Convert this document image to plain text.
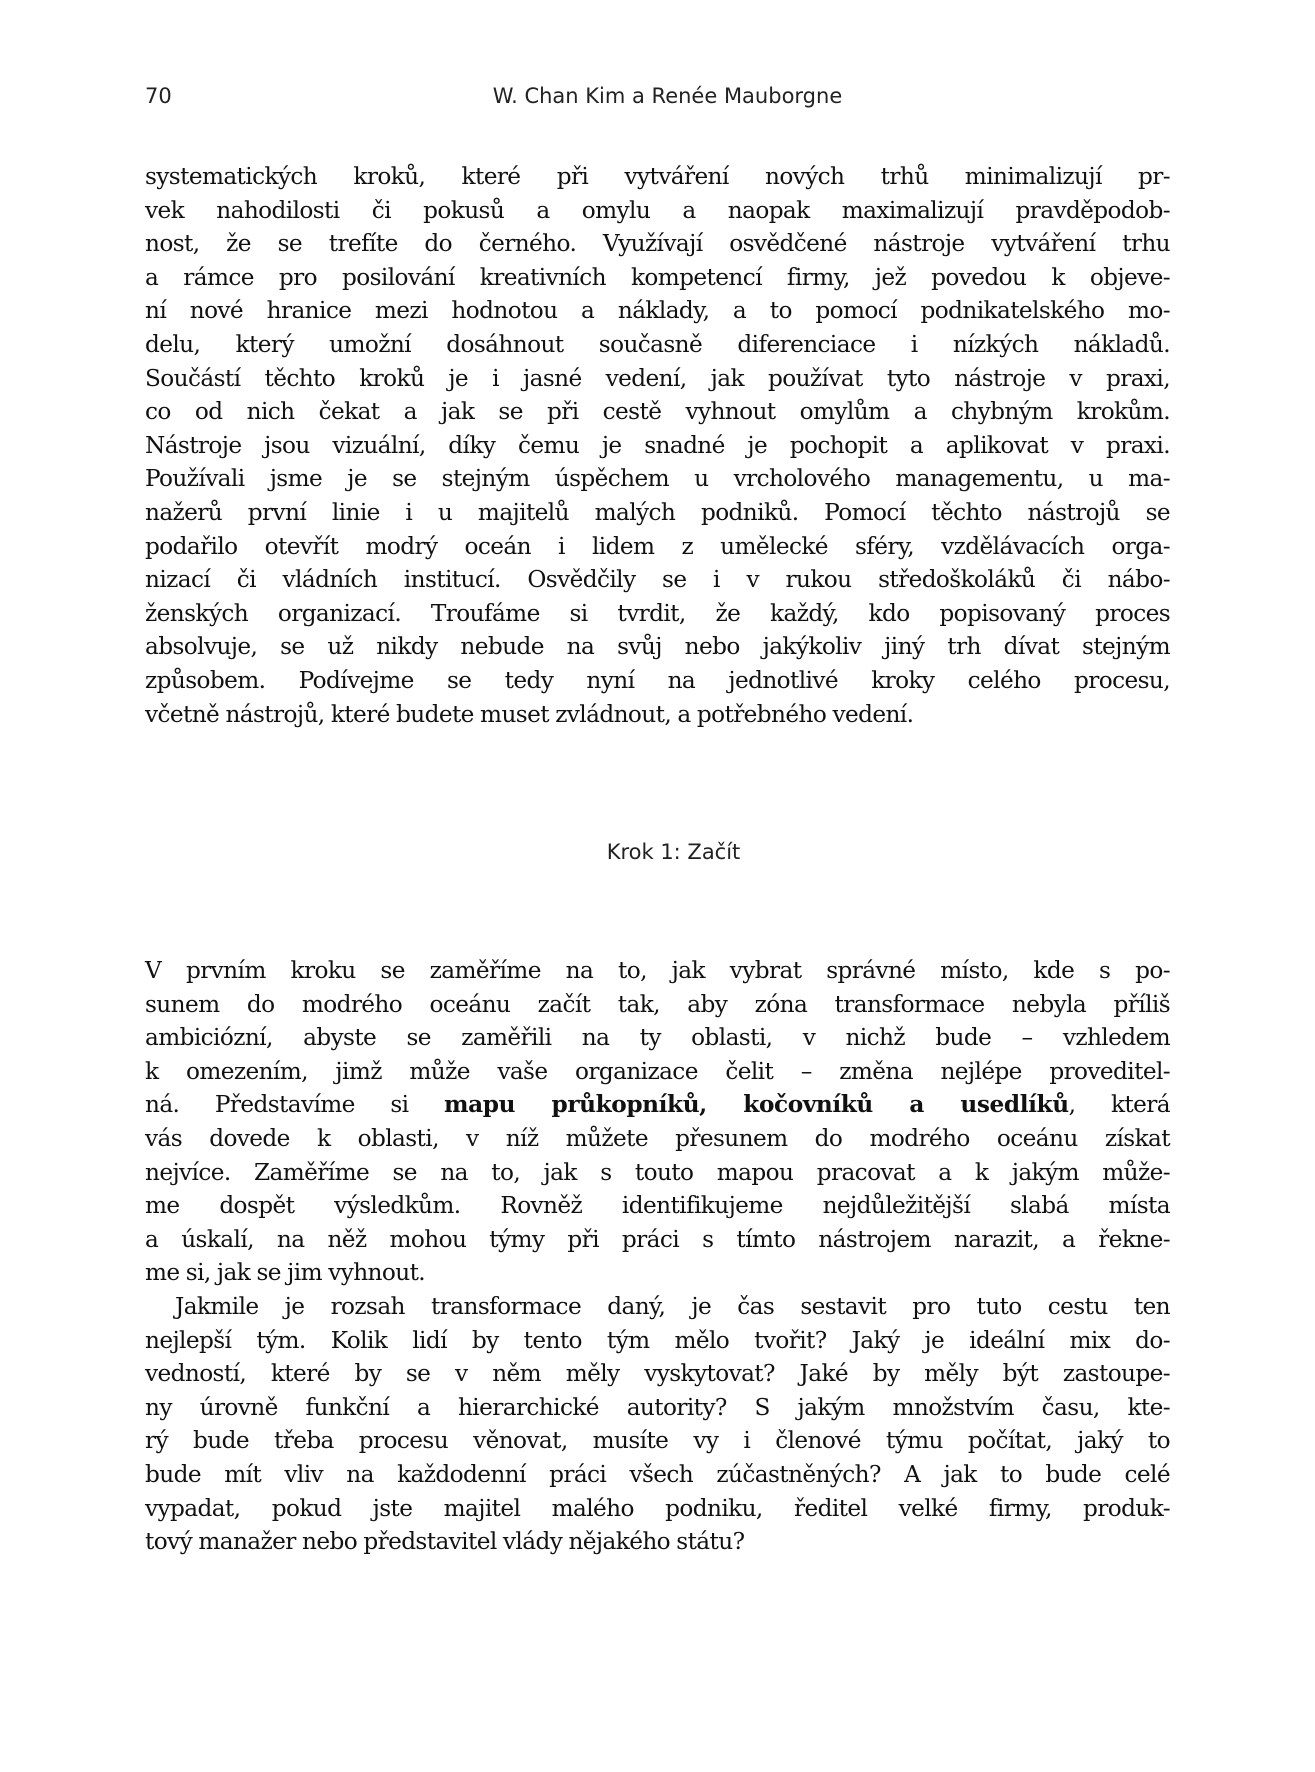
70	W. Chan Kim a Renée Mauborgne
systematických kroků, které při vytváření nových trhů minimalizují pr-
vek nahodilosti či pokusů a omylu a naopak maximalizují pravděpodob-
nost, že se trefíte do černého. Využívají osvědčené nástroje vytváření trhu
a rámce pro posilování kreativních kompetencí firmy, jež povedou k objeve-
ní nové hranice mezi hodnotou a náklady, a to pomocí podnikatelského mo-
delu, který umožní dosáhnout současně diferenciace i nízkých nákladů.
Součástí těchto kroků je i jasné vedení, jak používat tyto nástroje v praxi,
co od nich čekat a jak se při cestě vyhnout omylům a chybným krokům.
Nástroje jsou vizuální, díky čemu je snadné je pochopit a aplikovat v praxi.
Používali jsme je se stejným úspěchem u vrcholového managementu, u ma-
nažerů první linie i u majitelů malých podniků. Pomocí těchto nástrojů se
podařilo otevřít modrý oceán i lidem z umělecké sféry, vzdělávacích orga-
nizací či vládních institucí. Osvědčily se i v rukou středoškoláků či nábo-
ženských organizací. Troufáme si tvrdit, že každý, kdo popisovaný proces
absolvuje, se už nikdy nebude na svůj nebo jakýkoliv jiný trh dívat stejným
způsobem. Podívejme se tedy nyní na jednotlivé kroky celého procesu,
včetně nástrojů, které budete muset zvládnout, a potřebného vedení.
Krok 1: Začít
V prvním kroku se zaměříme na to, jak vybrat správné místo, kde s po-
sunem do modrého oceánu začít tak, aby zóna transformace nebyla příliš
ambiciózní, abyste se zaměřili na ty oblasti, v nichž bude – vzhledem
k omezením, jimž může vaše organizace čelit – změna nejlépe proveditel-
ná. Představíme si mapu průkopníků, kočovníků a usedlíků, která
vás dovede k oblasti, v níž můžete přesunem do modrého oceánu získat
nejvíce. Zaměříme se na to, jak s touto mapou pracovat a k jakým může-
me dospět výsledkům. Rovněž identifikujeme nejdůležitější slabá místa
a úskalí, na něž mohou týmy při práci s tímto nástrojem narazit, a řekne-
me si, jak se jim vyhnout.
Jakmile je rozsah transformace daný, je čas sestavit pro tuto cestu ten
nejlepší tým. Kolik lidí by tento tým mělo tvořit? Jaký je ideální mix do-
vedností, které by se v něm měly vyskytovat? Jaké by měly být zastoupe-
ny úrovně funkční a hierarchické autority? S jakým množstvím času, kte-
rý bude třeba procesu věnovat, musíte vy i členové týmu počítat, jaký to
bude mít vliv na každodenní práci všech zúčastněných? A jak to bude celé
vypadat, pokud jste majitel malého podniku, ředitel velké firmy, produk-
tový manažer nebo představitel vlády nějakého státu?
